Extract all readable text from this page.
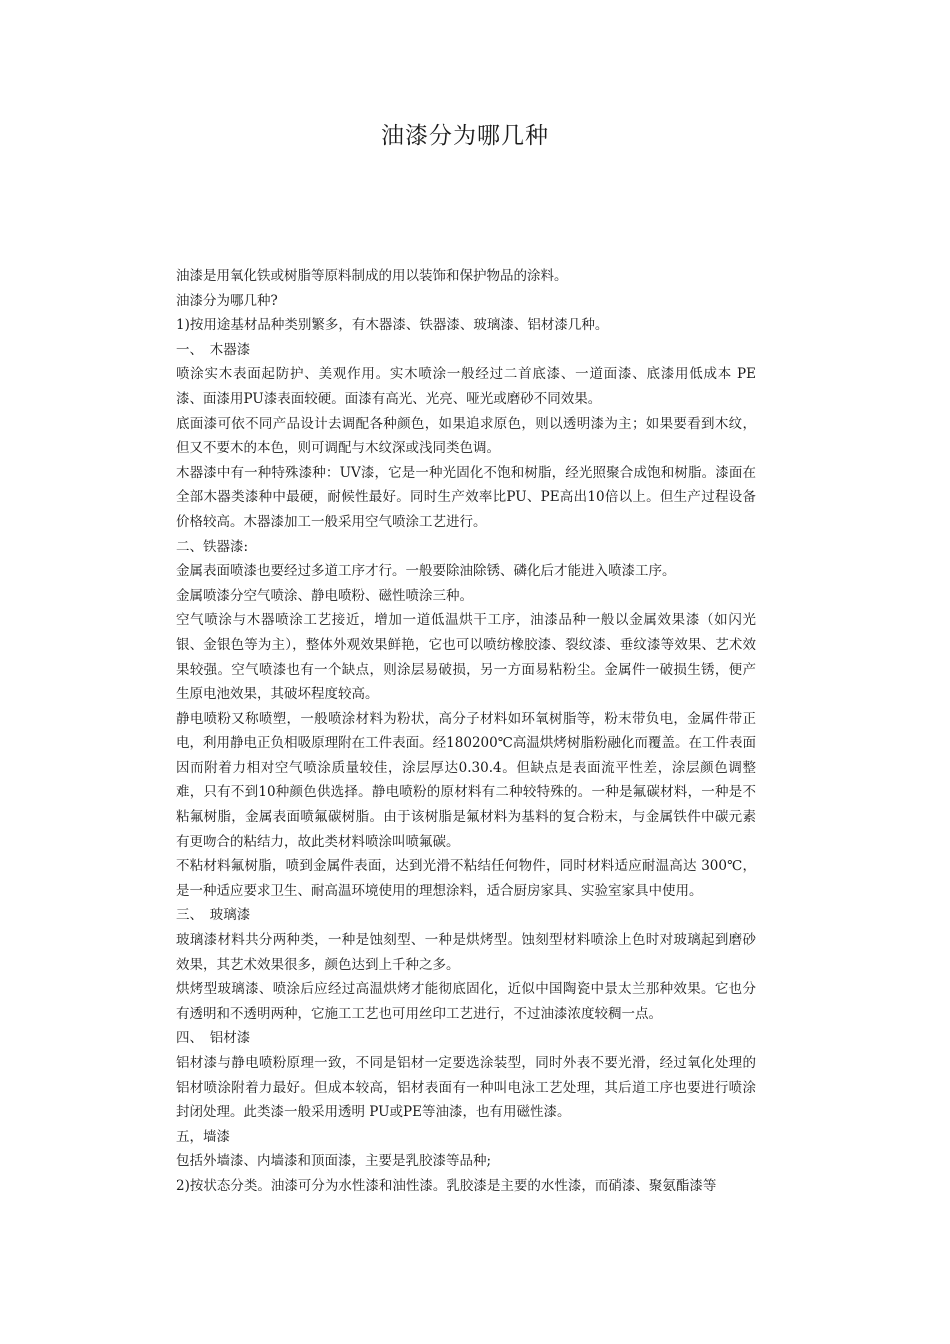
油漆分为哪几种

油漆是用氧化铁或树脂等原料制成的用以装饰和保护物品的涂料。

油漆分为哪几种?

1)按用途基材品种类别繁多，有木器漆、铁器漆、玻璃漆、铝材漆几种。

一、　木器漆

喷涂实木表面起防护、美观作用。实木喷涂一般经过二首底漆、一道面漆、底漆用低成本 PE 漆、面漆用PU漆表面较硬。面漆有高光、光亮、哑光或磨砂不同效果。

底面漆可依不同产品设计去调配各种颜色，如果追求原色，则以透明漆为主；如果要看到木纹，但又不要木的本色，则可调配与木纹深或浅同类色调。

木器漆中有一种特殊漆种：UV漆，它是一种光固化不饱和树脂，经光照聚合成饱和树脂。漆面在全部木器类漆种中最硬，耐候性最好。同时生产效率比PU、PE高出10倍以上。但生产过程设备价格较高。木器漆加工一般采用空气喷涂工艺进行。

二、铁器漆:

金属表面喷漆也要经过多道工序才行。一般要除油除锈、磷化后才能进入喷漆工序。

金属喷漆分空气喷涂、静电喷粉、磁性喷涂三种。

空气喷涂与木器喷涂工艺接近，增加一道低温烘干工序，油漆品种一般以金属效果漆（如闪光银、金银色等为主），整体外观效果鲜艳，它也可以喷纺橡胶漆、裂纹漆、垂纹漆等效果、艺术效果较强。空气喷漆也有一个缺点，则涂层易破损，另一方面易粘粉尘。金属件一破损生锈，便产生原电池效果，其破坏程度较高。

静电喷粉又称喷塑，一般喷涂材料为粉状，高分子材料如环氧树脂等，粉末带负电，金属件带正电，利用静电正负相吸原理附在工件表面。经180200℃高温烘烤树脂粉融化而覆盖。在工件表面因而附着力相对空气喷涂质量较佳，涂层厚达0.30.4。但缺点是表面流平性差，涂层颜色调整难，只有不到10种颜色供选择。静电喷粉的原材料有二种较特殊的。一种是氟碳材料，一种是不粘氟树脂，金属表面喷氟碳树脂。由于该树脂是氟材料为基料的复合粉末，与金属铁件中碳元素有更吻合的粘结力，故此类材料喷涂叫喷氟碳。

不粘材料氟树脂，喷到金属件表面，达到光滑不粘结任何物件，同时材料适应耐温高达 300℃，是一种适应要求卫生、耐高温环境使用的理想涂料，适合厨房家具、实验室家具中使用。

三、　玻璃漆

玻璃漆材料共分两种类，一种是蚀刻型、一种是烘烤型。蚀刻型材料喷涂上色时对玻璃起到磨砂效果，其艺术效果很多，颜色达到上千种之多。

烘烤型玻璃漆、喷涂后应经过高温烘烤才能彻底固化，近似中国陶瓷中景太兰那种效果。它也分有透明和不透明两种，它施工工艺也可用丝印工艺进行，不过油漆浓度较稠一点。

四、　铝材漆

铝材漆与静电喷粉原理一致，不同是铝材一定要选涂装型，同时外表不要光滑，经过氧化处理的铝材喷涂附着力最好。但成本较高，铝材表面有一种叫电泳工艺处理，其后道工序也要进行喷涂封闭处理。此类漆一般采用透明 PU或PE等油漆，也有用磁性漆。

五，墙漆

包括外墙漆、内墙漆和顶面漆，主要是乳胶漆等品种;

2)按状态分类。油漆可分为水性漆和油性漆。乳胶漆是主要的水性漆，而硝漆、聚氨酯漆等
